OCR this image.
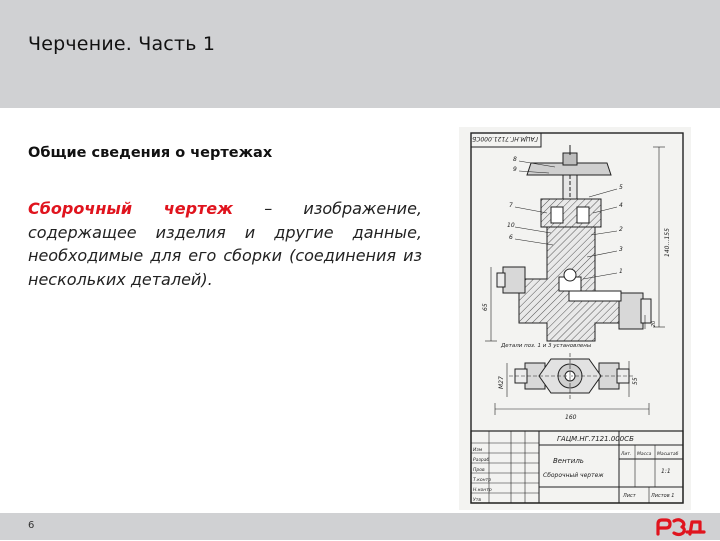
Черчение. Часть 1
Общие сведения о чертежах
Сборочный чертеж – изображение, содержащее изделия и другие данные, необходимые для его сборки (соединения из нескольких деталей).
ГАЦМ.НГ.7121.000СБ
8
9
7
10
6
5
4
2
3
1
140…155
65
20
Детали поз. 1 и 3 установлены
М27	55
160
ГАЦМ.НГ.7121.000СБ
Вентиль
Сборочный чертеж
Лит. Масса Масштаб
1:1
Лист	Листов 1
Изм
Разраб
Пров
Т.контр
Н.контр
Утв
6
